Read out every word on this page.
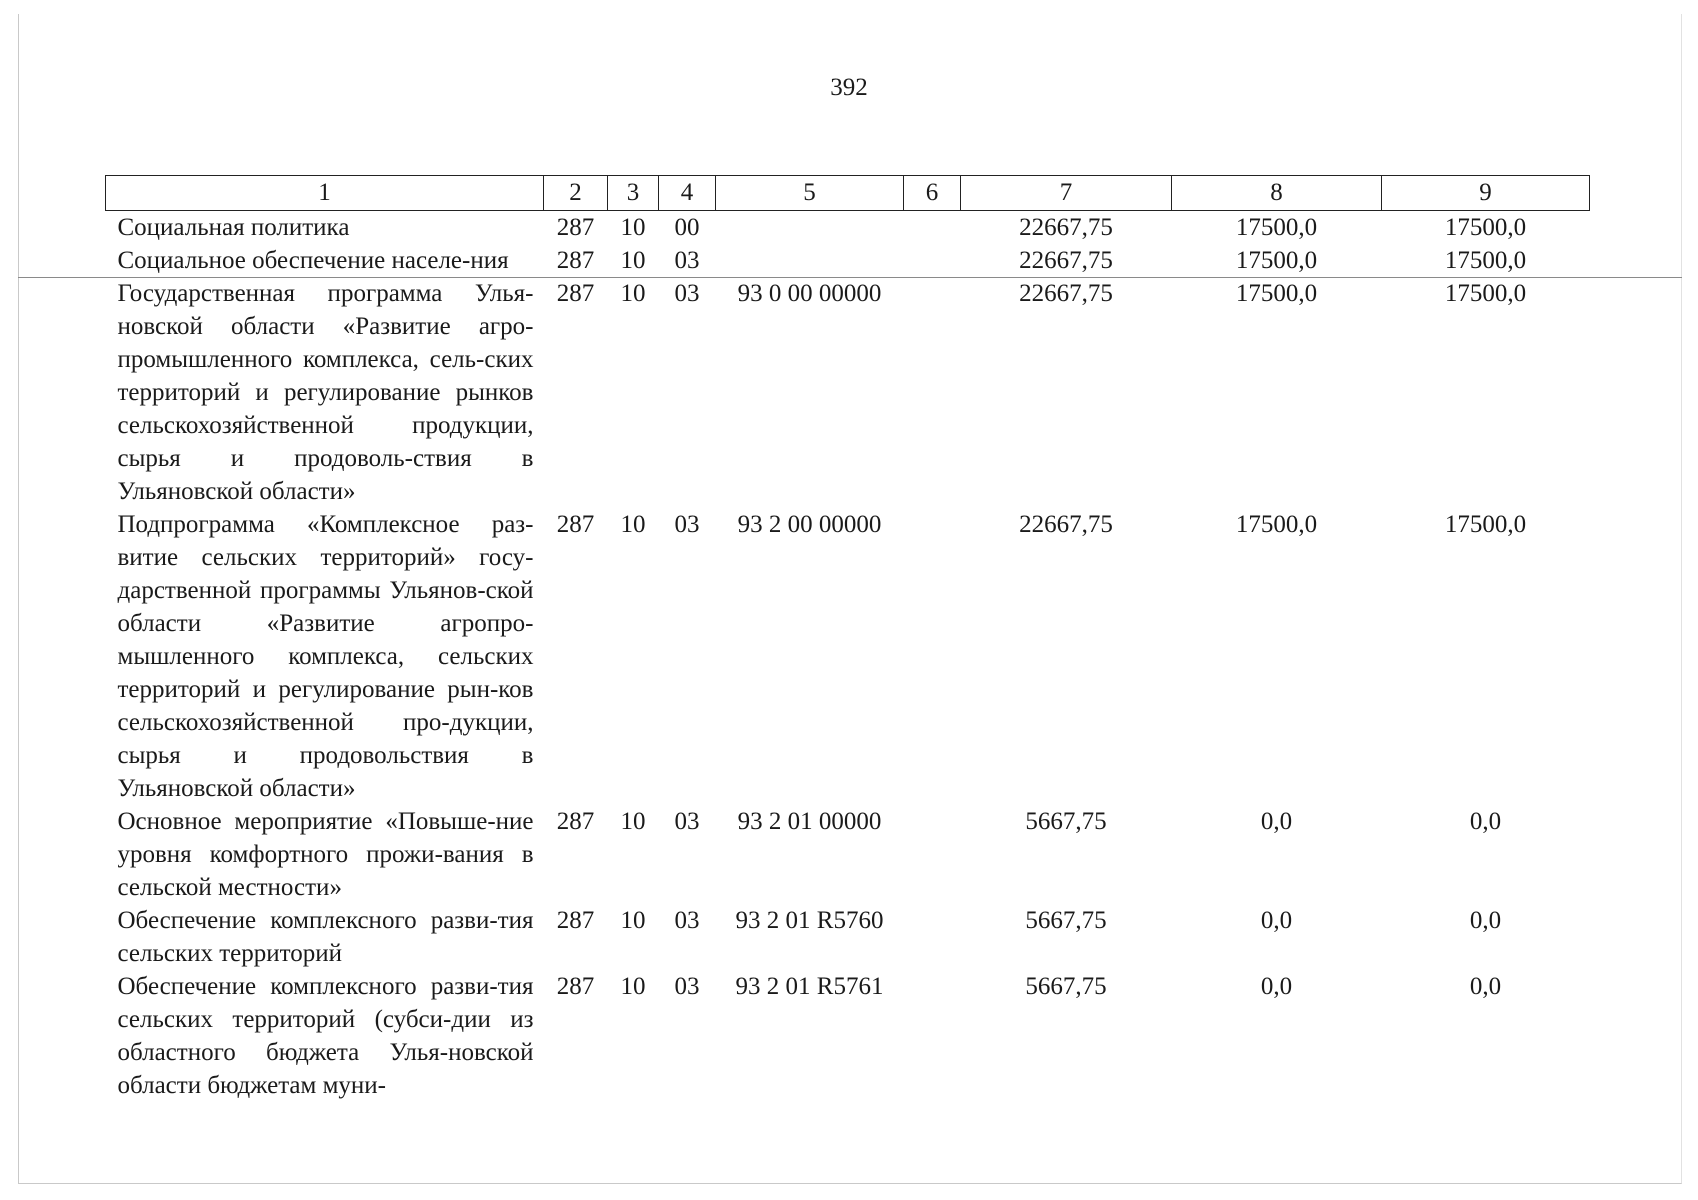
392
1	2	3	4	5	6	7	8	9
Социальная политика	287	10	00			22667,75	17500,0	17500,0
Социальное обеспечение населе-ния	287	10	03			22667,75	17500,0	17500,0
Государственная программа Улья-новской области «Развитие агро-промышленного комплекса, сель-ских территорий и регулирование рынков сельскохозяйственной продукции, сырья и продоволь-ствия в Ульяновской области»	287	10	03	93 0 00 00000		22667,75	17500,0	17500,0
Подпрограмма «Комплексное раз-витие сельских территорий» госу-дарственной программы Ульянов-ской области «Развитие агропро-мышленного комплекса, сельских территорий и регулирование рын-ков сельскохозяйственной про-дукции, сырья и продовольствия в Ульяновской области»	287	10	03	93 2 00 00000		22667,75	17500,0	17500,0
Основное мероприятие «Повыше-ние уровня комфортного прожи-вания в сельской местности»	287	10	03	93 2 01 00000		5667,75	0,0	0,0
Обеспечение комплексного разви-тия сельских территорий	287	10	03	93 2 01 R5760		5667,75	0,0	0,0
Обеспечение комплексного разви-тия сельских территорий (субси-дии из областного бюджета Улья-новской области бюджетам муни-	287	10	03	93 2 01 R5761		5667,75	0,0	0,0
